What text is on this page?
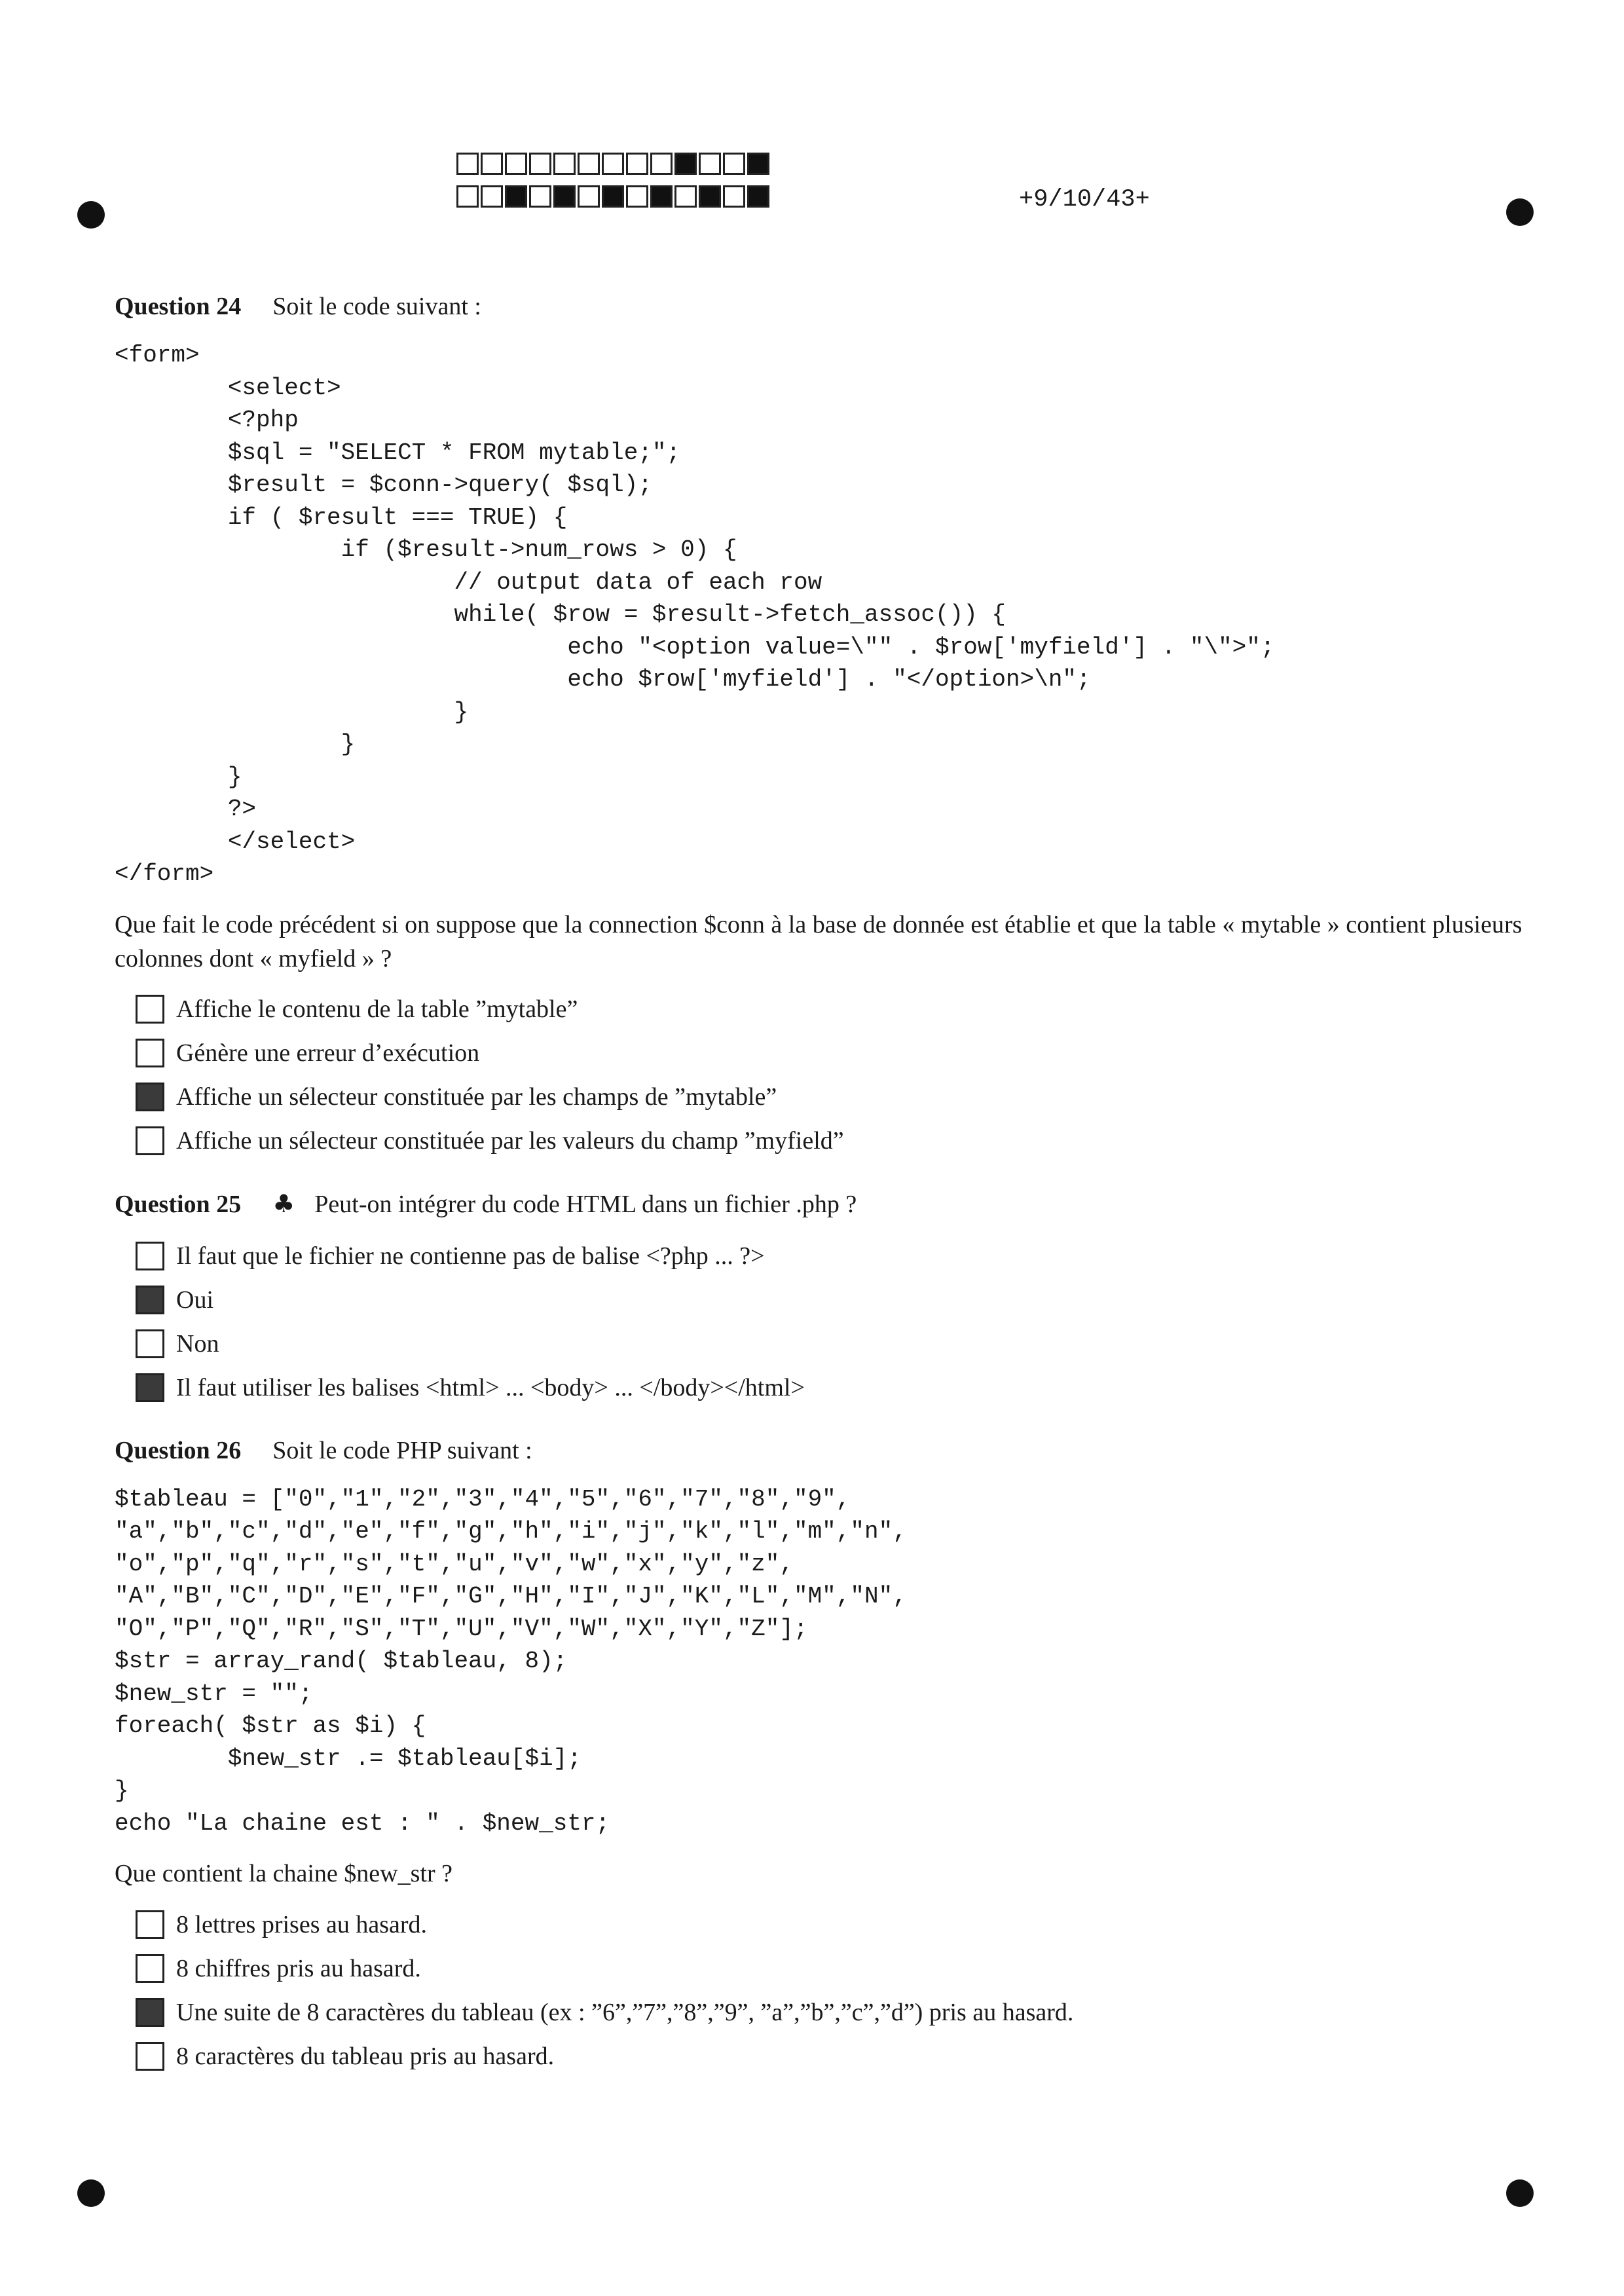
+9/10/43+

Question 24 Soit le code suivant :

<form>
	<select>
	<?php
	$sql = "SELECT * FROM mytable;";
	$result = $conn->query( $sql);
	if ( $result === TRUE) {
		if ($result->num_rows > 0) {
			// output data of each row
			while( $row = $result->fetch_assoc()) {
				echo "<option value=\"" . $row['myfield'] . "\">";
				echo $row['myfield'] . "</option>\n";
			}
		}
	}
	?>
	</select>
</form>
Que fait le code précédent si on suppose que la connection $conn à la base de donnée est établie et que la table « mytable » contient plusieurs colonnes dont « myfield » ?
Affiche le contenu de la table ”mytable”
Génère une erreur d’exécution
Affiche un sélecteur constituée par les champs de ”mytable”
Affiche un sélecteur constituée par les valeurs du champ ”myfield”

Question 25 ♣ Peut-on intégrer du code HTML dans un fichier .php ?

Il faut que le fichier ne contienne pas de balise <?php ... ?>
Oui
Non
Il faut utiliser les balises <html> ... <body> ... </body></html>

Question 26 Soit le code PHP suivant :

$tableau = ["0","1","2","3","4","5","6","7","8","9",
"a","b","c","d","e","f","g","h","i","j","k","l","m","n",
"o","p","q","r","s","t","u","v","w","x","y","z",
"A","B","C","D","E","F","G","H","I","J","K","L","M","N",
"O","P","Q","R","S","T","U","V","W","X","Y","Z"];
$str = array_rand( $tableau, 8);
$new_str = "";
foreach( $str as $i) {
$new_str .= $tableau[$i];
}
echo "La chaine est : " . $new_str;
Que contient la chaine $new_str ?
8 lettres prises au hasard.
8 chiffres pris au hasard.
Une suite de 8 caractères du tableau (ex : ”6”,”7”,”8”,”9”, ”a”,”b”,”c”,”d”) pris au hasard.
8 caractères du tableau pris au hasard.
